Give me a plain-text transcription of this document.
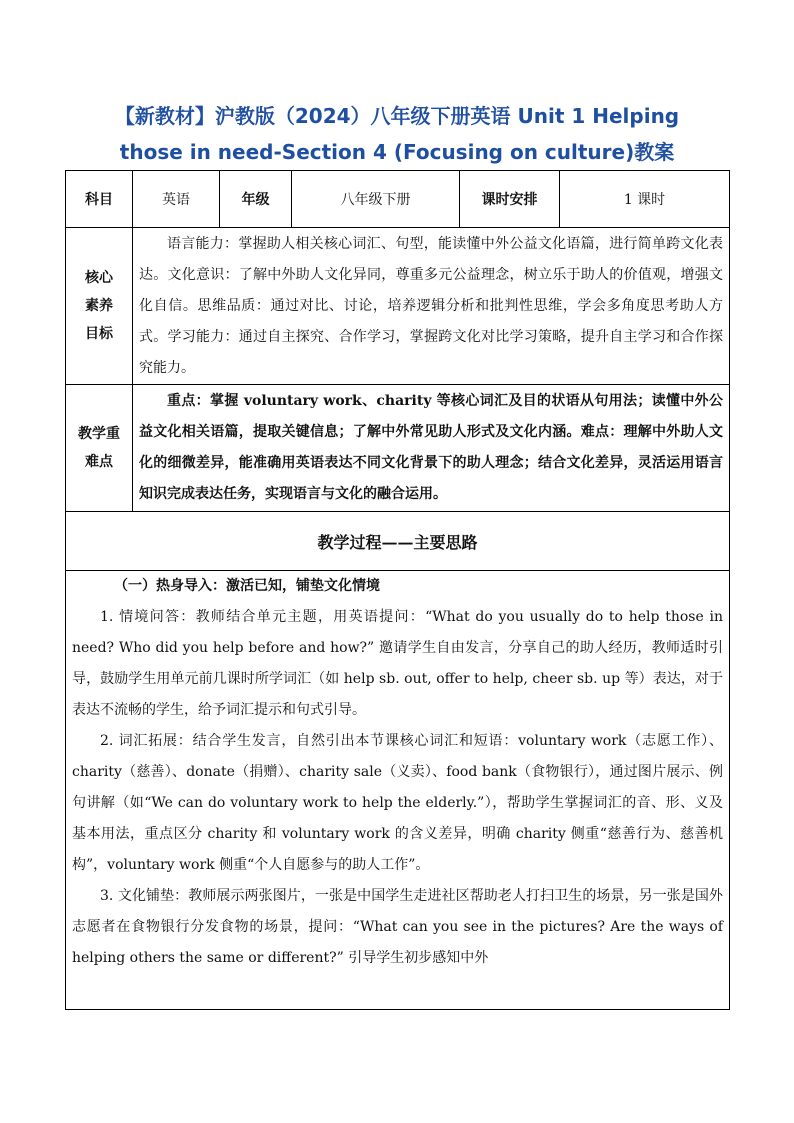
【新教材】沪教版（2024）八年级下册英语 Unit 1 Helping
those in need-Section 4 (Focusing on culture)教案
科目	英语	年级	八年级下册	课时安排	1 课时

核心素养目标	语言能力：掌握助人相关核心词汇、句型，能读懂中外公益文化语篇，进行简单跨文化表达。文化意识：了解中外助人文化异同，尊重多元公益理念，树立乐于助人的价值观，增强文化自信。思维品质：通过对比、讨论，培养逻辑分析和批判性思维，学会多角度思考助人方式。学习能力：通过自主探究、合作学习，掌握跨文化对比学习策略，提升自主学习和合作探究能力。				

教学重难点	重点：掌握 voluntary work、charity 等核心词汇及目的状语从句用法；读懂中外公益文化相关语篇，提取关键信息；了解中外常见助人形式及文化内涵。难点：理解中外助人文化的细微差异，能准确用英语表达不同文化背景下的助人理念；结合文化差异，灵活运用语言知识完成表达任务，实现语言与文化的融合运用。				
教学过程——主要思路					

（一）热身导入：激活已知，铺垫文化情境

1. 情境问答：教师结合单元主题，用英语提问：“What do you usually do to help those in need? Who did you help before and how?” 邀请学生自由发言，分享自己的助人经历，教师适时引导，鼓励学生用单元前几课时所学词汇（如 help sb. out, offer to help, cheer sb. up 等）表达，对于表达不流畅的学生，给予词汇提示和句式引导。

2. 词汇拓展：结合学生发言，自然引出本节课核心词汇和短语：voluntary work（志愿工作）、charity（慈善）、donate（捐赠）、charity sale（义卖）、food bank（食物银行），通过图片展示、例句讲解（如“We can do voluntary work to help the elderly.”），帮助学生掌握词汇的音、形、义及基本用法，重点区分 charity 和 voluntary work 的含义差异，明确 charity 侧重“慈善行为、慈善机构”，voluntary work 侧重“个人自愿参与的助人工作”。

3. 文化铺垫：教师展示两张图片，一张是中国学生走进社区帮助老人打扫卫生的场景，另一张是国外志愿者在食物银行分发食物的场景，提问：“What can you see in the pictures? Are the ways of helping others the same or different?” 引导学生初步感知中外					
